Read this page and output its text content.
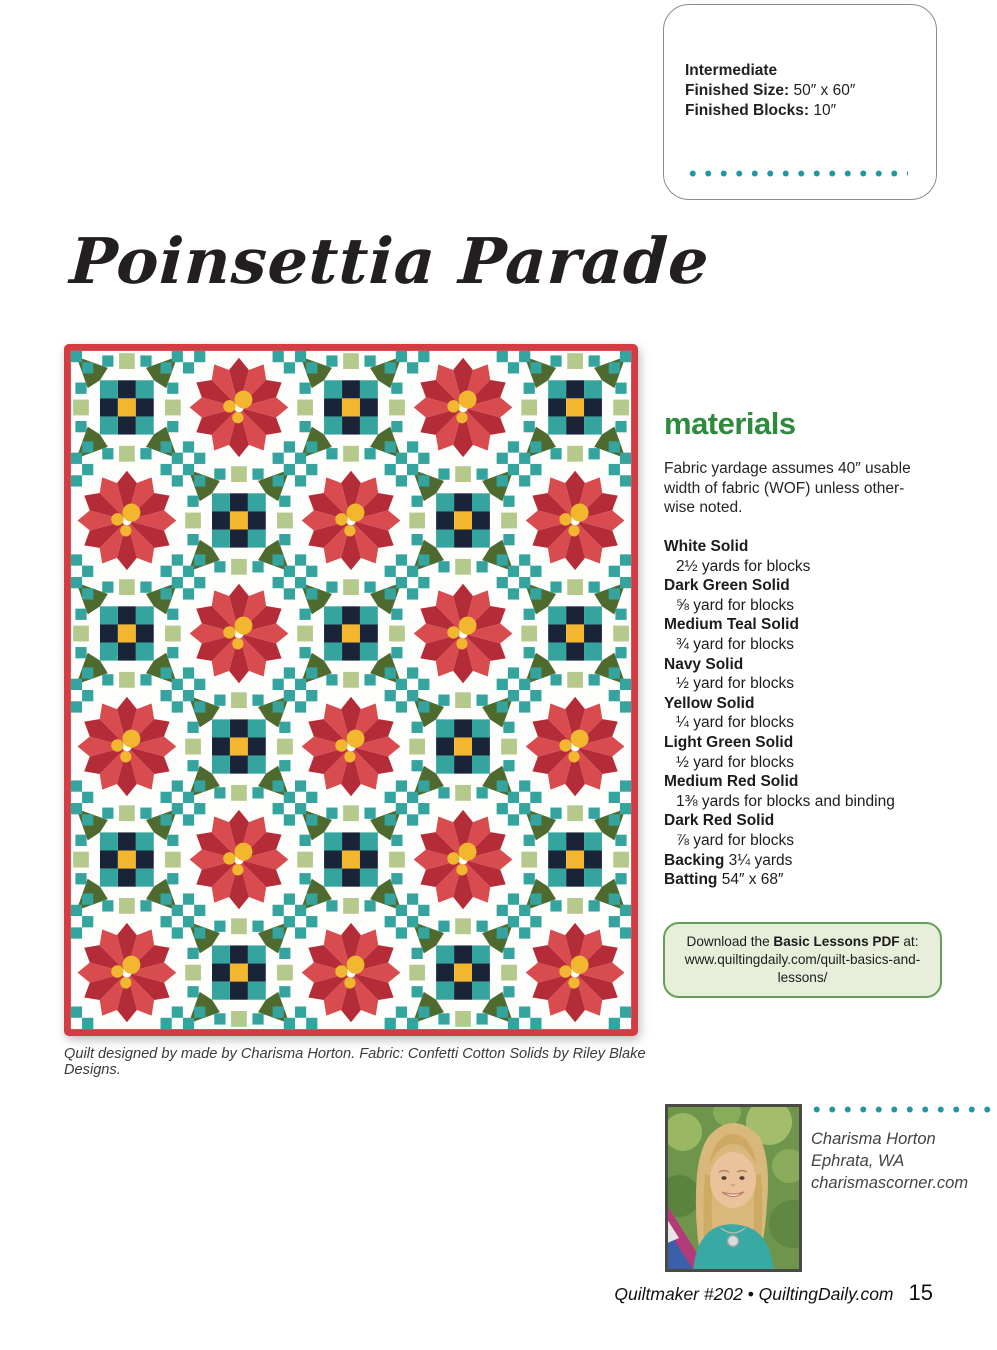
Intermediate
Finished Size: 50″ x 60″
Finished Blocks: 10″
Poinsettia Parade
Quilt designed by made by Charisma Horton. Fabric: Confetti Cotton Solids by Riley Blake Designs.
materials
Fabric yardage assumes 40″ usable
width of fabric (WOF) unless other-
wise noted.
White Solid
2½ yards for blocks
Dark Green Solid
⅝ yard for blocks
Medium Teal Solid
¾ yard for blocks
Navy Solid
½ yard for blocks
Yellow Solid
¼ yard for blocks
Light Green Solid
½ yard for blocks
Medium Red Solid
1⅜ yards for blocks and binding
Dark Red Solid
⅞ yard for blocks
Backing 3¼ yards
Batting 54″ x 68″
Download the Basic Lessons PDF at:
www.quiltingdaily.com/quilt-basics-and-lessons/
Charisma Horton
Ephrata, WA
charismascorner.com
Quiltmaker #202 • QuiltingDaily.com 15
